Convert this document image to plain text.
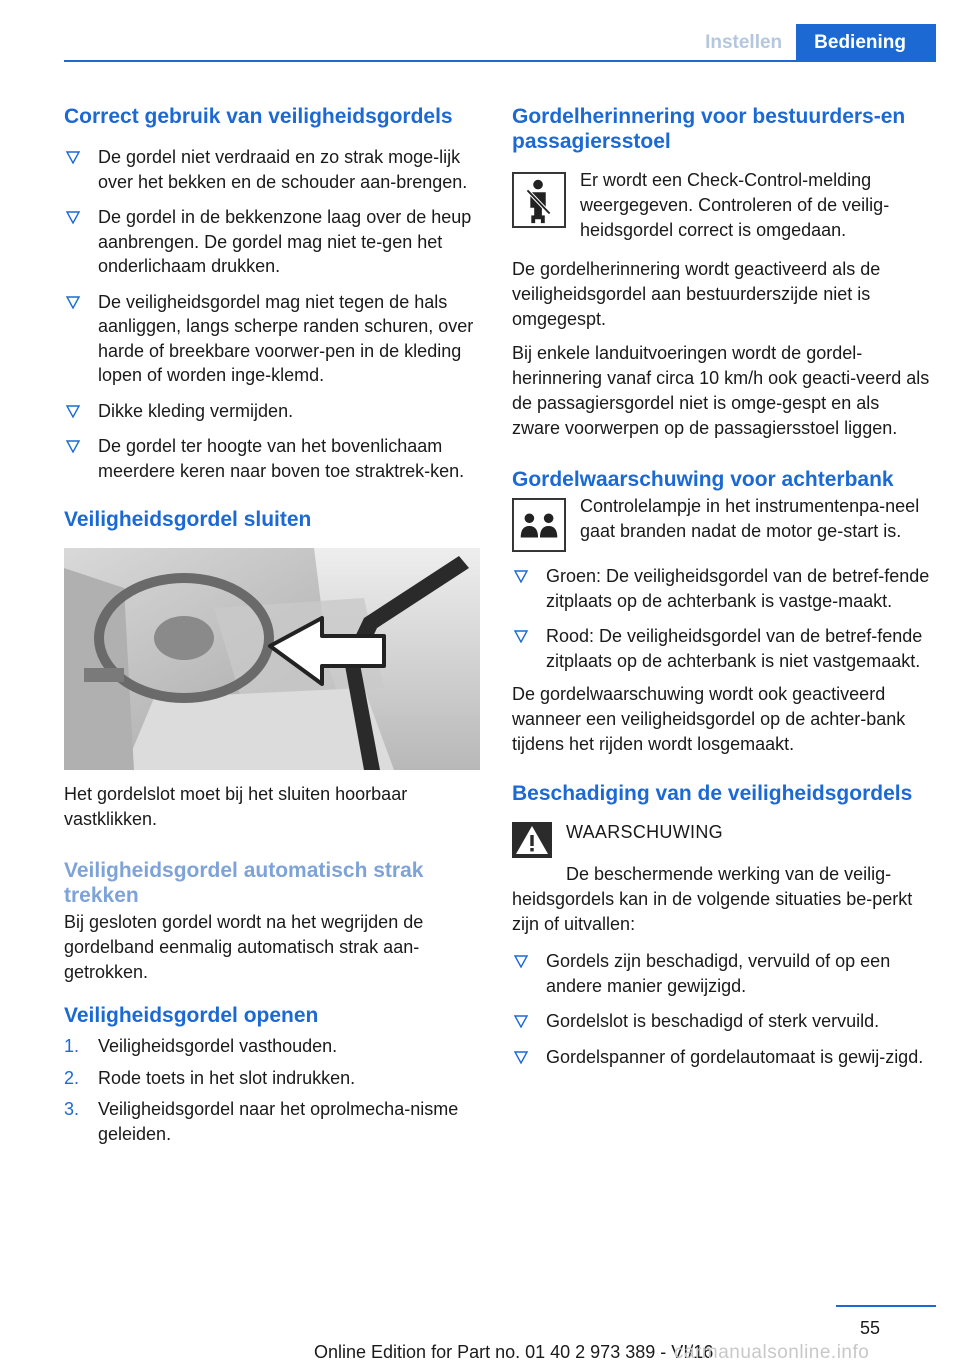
Instellen	Bediening
Correct gebruik van veiligheidsgordels
De gordel niet verdraaid en zo strak moge-lijk over het bekken en de schouder aan-brengen.
De gordel in de bekkenzone laag over de heup aanbrengen. De gordel mag niet te-gen het onderlichaam drukken.
De veiligheidsgordel mag niet tegen de hals aanliggen, langs scherpe randen schuren, over harde of breekbare voorwer-pen in de kleding lopen of worden inge-klemd.
Dikke kleding vermijden.
De gordel ter hoogte van het bovenlichaam meerdere keren naar boven toe straktrek-ken.
Veiligheidsgordel sluiten

Het gordelslot moet bij het sluiten hoorbaar vastklikken.

Veiligheidsgordel automatisch strak trekken

Bij gesloten gordel wordt na het wegrijden de gordelband eenmalig automatisch strak aan-getrokken.

Veiligheidsgordel openen
1. Veiligheidsgordel vasthouden.
2. Rode toets in het slot indrukken.
3. Veiligheidsgordel naar het oprolmecha-nisme geleiden.
Gordelherinnering voor bestuurders-en passagiersstoel

Er wordt een Check-Control-melding weergegeven. Controleren of de veilig-heidsgordel correct is omgedaan.

De gordelherinnering wordt geactiveerd als de veiligheidsgordel aan bestuurderszijde niet is omgegespt.

Bij enkele landuitvoeringen wordt de gordel-herinnering vanaf circa 10 km/h ook geacti-veerd als de passagiersgordel niet is omge-gespt en als zware voorwerpen op de passagiersstoel liggen.

Gordelwaarschuwing voor achterbank

Controlelampje in het instrumentenpa-neel gaat branden nadat de motor ge-start is.

Groen: De veiligheidsgordel van de betref-fende zitplaats op de achterbank is vastge-maakt.
Rood: De veiligheidsgordel van de betref-fende zitplaats op de achterbank is niet vastgemaakt.

De gordelwaarschuwing wordt ook geactiveerd wanneer een veiligheidsgordel op de achter-bank tijdens het rijden wordt losgemaakt.

Beschadiging van de veiligheidsgordels

WAARSCHUWING

De beschermende werking van de veilig-heidsgordels kan in de volgende situaties be-perkt zijn of uitvallen:

Gordels zijn beschadigd, vervuild of op een andere manier gewijzigd.
Gordelslot is beschadigd of sterk vervuild.
Gordelspanner of gordelautomaat is gewij-zigd.
55
Online Edition for Part no. 01 40 2 973 389 - VI/16
carmanualsonline.info
